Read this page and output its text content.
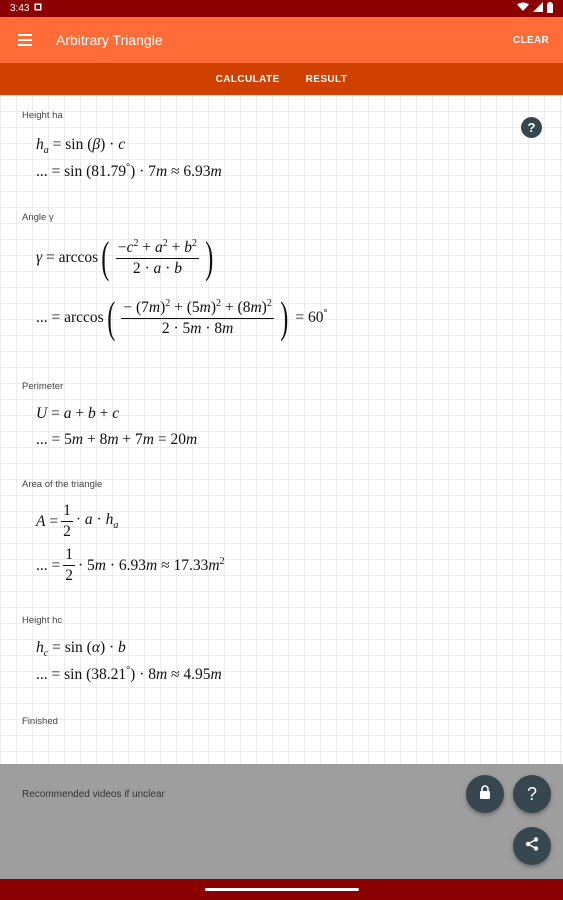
3:43
Arbitrary Triangle	CLEAR
CALCULATE	RESULT
?
Height ha
$h_a = \sin (\beta) \cdot c$
... = sin (81.79°) · 7m ≈ 6.93m
Angle γ
γ = arccos ( $\frac{-c^2 + a^2 + b^2}{2 \cdot a \cdot b}$ )
... = arccos ( $\frac{- (7m)^2 + (5m)^2 + (8m)^2}{2 \cdot 5m \cdot 8m}$ ) = 60°
Perimeter
U = a + b + c
... = 5m + 8m + 7m = 20m
Area of the triangle
$A = \frac{1}{2} \cdot a \cdot h_a$
... = $\frac{1}{2} \cdot 5m \cdot 6.93m \approx 17.33m^2$
Height hc
$h_c = \sin (\alpha) \cdot b$
... = sin (38.21°) · 8m ≈ 4.95m
Finished
Recommended videos if unclear	?
